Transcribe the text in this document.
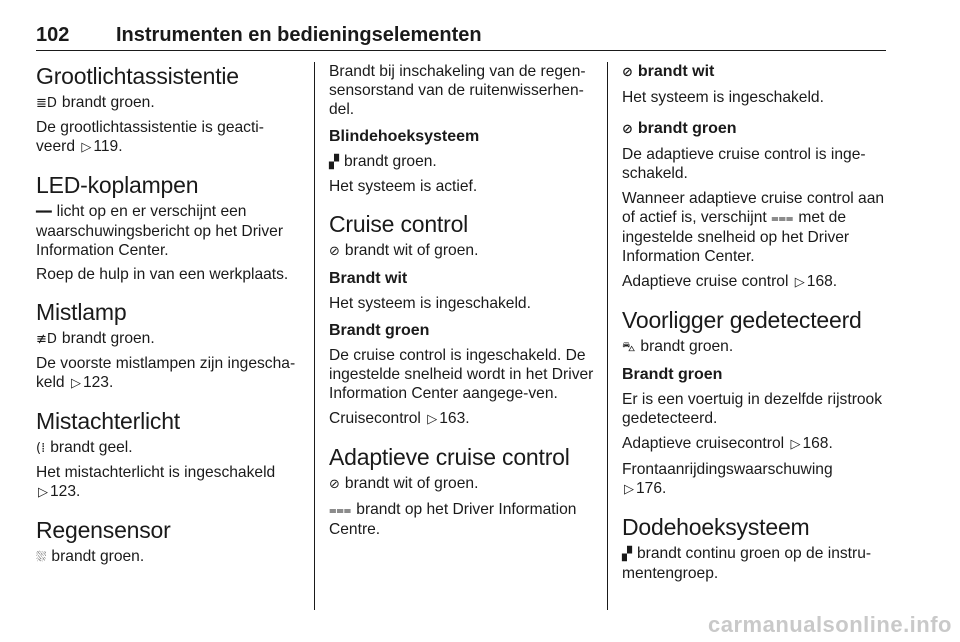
102 Instrumenten en bedieningselementen
Grootlichtassistentie

≣D brandt groen.

De grootlichtassistentie is geacti-veerd ▷ 119.

LED-koplampen

━━ licht op en er verschijnt een waarschuwingsbericht op het Driver Information Center.

Roep de hulp in van een werkplaats.

Mistlamp

≢D brandt groen.

De voorste mistlampen zijn ingescha-keld ▷ 123.

Mistachterlicht

(⁞ brandt geel.

Het mistachterlicht is ingeschakeld
▷ 123.

Regensensor

⛆ brandt groen.

Brandt bij inschakeling van de regen-sensorstand van de ruitenwisserhen-del.

Blindehoeksysteem

▞ brandt groen.

Het systeem is actief.

Cruise control

⊘ brandt wit of groen.

Brandt wit

Het systeem is ingeschakeld.

Brandt groen

De cruise control is ingeschakeld. De ingestelde snelheid wordt in het Driver Information Center aangege-ven.

Cruisecontrol ▷ 163.

Adaptieve cruise control

⊘ brandt wit of groen.

⩶ brandt op het Driver Information Centre.

⊘ brandt wit

Het systeem is ingeschakeld.

⊘ brandt groen

De adaptieve cruise control is inge-schakeld.

Wanneer adaptieve cruise control aan of actief is, verschijnt ⩶ met de ingestelde snelheid op het Driver Information Center.

Adaptieve cruise control ▷ 168.

Voorligger gedetecteerd

⛍ brandt groen.

Brandt groen

Er is een voertuig in dezelfde rijstrook gedetecteerd.

Adaptieve cruisecontrol ▷ 168.

Frontaanrijdingswaarschuwing
▷ 176.

Dodehoeksysteem

▞ brandt continu groen op de instru-mentengroep.

carmanualsonline.info
